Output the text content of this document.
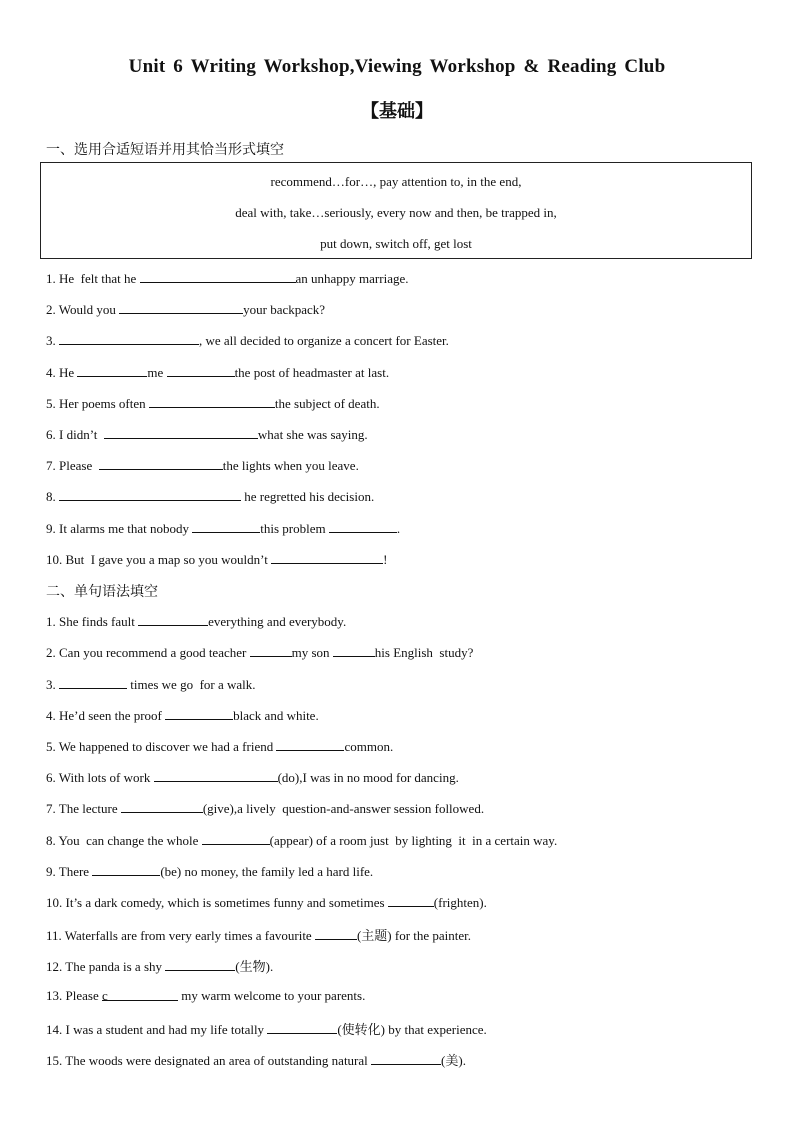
Unit 6 Writing Workshop,Viewing Workshop & Reading Club
【基础】
一、选用合适短语并用其恰当形式填空
recommend…for…, pay attention to, in the end,
deal with, take…seriously, every now and then, be trapped in,
put down, switch off, get lost
1. He  felt that he	an unhappy marriage.
2. Would you	your backpack?
3.	, we all decided to organize a concert for Easter.
4. He	me	the post of headmaster at last.
5. Her poems often	the subject of death.
6. I didn’t	what she was saying.
7. Please	the lights when you leave.
8.	he regretted his decision.
9. It alarms me that nobody	this problem	.
10. But  I gave you a map so you wouldn’t	!
二、单句语法填空
1. She finds fault	everything and everybody.
2. Can you recommend a good teacher	my son	his English  study?
3.	times we go  for a walk.
4. He’d seen the proof	black and white.
5. We happened to discover we had a friend	common.
6. With lots of work	(do),I was in no mood for dancing.
7. The lecture	(give),a lively  question-and-answer session followed.
8. You  can change the whole	(appear) of a room just  by lighting  it  in a certain way.
9. There	(be) no money, the family led a hard life.
10. It’s a dark comedy, which is sometimes funny and sometimes	(frighten).
11. Waterfalls are from very early times a favourite	(主题) for the painter.
12. The panda is a shy	(生物).
13. Please c	my warm welcome to your parents.
14. I was a student and had my life totally	(使转化) by that experience.
15. The woods were designated an area of outstanding natural	(美).
